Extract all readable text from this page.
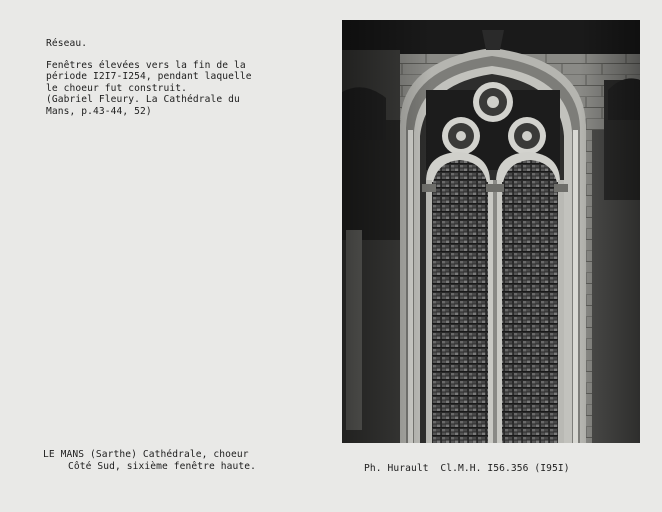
Réseau.
Fenêtres élevées vers la fin de la
période I2I7-I254, pendant laquelle
le choeur fut construit.
(Gabriel Fleury. La Cathédrale du
Mans, p.43-44, 52)
LE MANS (Sarthe) Cathédrale, choeur
Côté Sud, sixième fenêtre haute.	Ph. Hurault  Cl.M.H. I56.356 (I95I)
